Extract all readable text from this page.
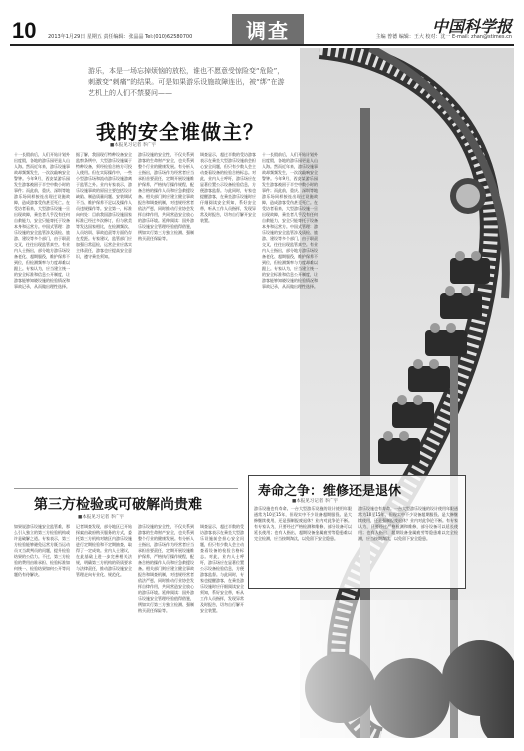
10 2013年1月29日 星期五 责任编辑：张晶晶 Tel:(010)62580700	调查	中国科学报
主编 曾德 编辑：王大 校对：沈一 E-mail: zhan@stimes.cn
游乐，本是一场忘掉烦恼的放松，谁也不愿意受惊险变“危险”，刺激变“刺痛”的结果。可是如果游乐设施故障连出，被“绑”在游艺机上的人们不禁要问——
我的安全谁做主？
■本报见习记者 李广宇
十一长假前后，人们开始计划外出度假，各地的游乐园更是人山人海。然而近年来，游乐设施事故却频频发生，一次次敲响安全警钟。今年9月，西安某游乐园发生游客被困于半空中数小时的事件；而此前，重庆、深圳等地游乐场同样接连出现过设施故障，造成游客受伤甚至死亡。在受访者看来，大型游乐设施一旦出现故障，乘坐者几乎没有任何自救能力，安全只能寄托于设备本身和运营方。中国式管理：游乐设施的安全监管涉及质检、旅游、建设等多个部门，由于职责交叉，往往出现监管真空。有业内人士指出，部分地方游乐场设备老化、超期服役，维护保养不到位，但检测频率与力度却难以跟上。专家认为，应当建立统一的安全标准和信息公开制度，让游客能够知晓设施的检验情况和事故记录，从而做出理性选择。
据了解，我国现行特种设备安全监察条例中，大型游乐设施属于特种设备，须经检验合格方可投入使用。但在实际操作中，一些小型游乐场和流动游乐设施游离于监管之外。业内专家表示，游乐设施事故的原因主要包括设计缺陷、制造质量问题、安装调试不当、维护保养不足以及操作人员违规操作等。安全第一，标准向何处：目前我国游乐设施国家标准已经过多次修订，但与欧美等发达国家相比，在检测频次、人员培训、事故追责等方面仍存在差距。专家建议，监管部门应加强日常巡检，运营企业应落实主体责任，游客也应提高安全意识，遵守乘坐须知。
游乐设施的安全性，不仅关系到游客的生命财产安全，也关系到整个行业的健康发展。有分析人士指出，游乐场作为经营者应当承担首要责任，定期开展设施维护保养，严格执行操作规程，配备合格的操作人员和应急救援设备。相关部门则应建立健全事故报告和调查机制，对违规经营者依法严惩，同时推动行业协会发挥自律作用，共同营造安全放心的游乐环境。延伸阅读：国外游乐设施安全管理经验值得借鉴，例如实行第三方独立检测、强制购买责任保险等。
调查显示，超过半数的受访游客表示在乘坐大型游乐设施前会担心安全问题，但只有少数人会主动查看设备的检验合格标志。对此，业内人士呼吁，游乐场应在显著位置公示设备检验信息，方便游客监督。与此同时，专家也提醒游客，在乘坐游乐设施时应仔细阅读安全须知，系好安全带，听从工作人员指挥，发现异常及时报告，切勿自行解开安全装置。
十一长假前后，人们开始计划外出度假，各地的游乐园更是人山人海。然而近年来，游乐设施事故却频频发生，一次次敲响安全警钟。今年9月，西安某游乐园发生游客被困于半空中数小时的事件；而此前，重庆、深圳等地游乐场同样接连出现过设施故障，造成游客受伤甚至死亡。在受访者看来，大型游乐设施一旦出现故障，乘坐者几乎没有任何自救能力，安全只能寄托于设备本身和运营方。中国式管理：游乐设施的安全监管涉及质检、旅游、建设等多个部门，由于职责交叉，往往出现监管真空。有业内人士指出，部分地方游乐场设备老化、超期服役，维护保养不到位，但检测频率与力度却难以跟上。专家认为，应当建立统一的安全标准和信息公开制度，让游客能够知晓设施的检验情况和事故记录，从而做出理性选择。
寿命之争：维修还是退休
■本报见习记者 李广宇
游乐设施也有寿命。一台大型游乐设施的设计使用年限通常为10至15年，但现实中不少设备超期服役。是大修继续使用，还是强制报废退休？业内对此争论不断。有专家认为，只要经过严格检测和维修，部分设备可以延长使用；也有人指出，超期设备金属疲劳等隐患难以完全检测，应当按期淘汰，以免留下安全隐患。
游乐设施也有寿命。一台大型游乐设施的设计使用年限通常为10至15年，但现实中不少设备超期服役。是大修继续使用，还是强制报废退休？业内对此争论不断。有专家认为，只要经过严格检测和维修，部分设备可以延长使用；也有人指出，超期设备金属疲劳等隐患难以完全检测，应当按期淘汰，以免留下安全隐患。
第三方检验或可破解尚贵难
■本报见习记者 李广宇
如果说游乐设施安全监管难，那么引入独立的第三方检验机构或许是破解之道。专家表示，第三方检验能够避免运营方既当运动员又当裁判员的问题，提升检验结果的公信力。不过，第三方检验的费用由谁承担、检验标准如何统一、检验结果如何公开等问题仍有待解决。
记者调查发现，部分地区已开始探索由政府购买服务的方式，委托第三方机构对辖区内游乐设施进行定期检验和不定期抽查，取得了一定成效。业内人士建议，在此基础上进一步完善相关法规，明确第三方机构的资质要求与法律责任，推动游乐设施安全管理走向专业化、规范化。
游乐设施的安全性，不仅关系到游客的生命财产安全，也关系到整个行业的健康发展。有分析人士指出，游乐场作为经营者应当承担首要责任，定期开展设施维护保养，严格执行操作规程，配备合格的操作人员和应急救援设备。相关部门则应建立健全事故报告和调查机制，对违规经营者依法严惩，同时推动行业协会发挥自律作用，共同营造安全放心的游乐环境。延伸阅读：国外游乐设施安全管理经验值得借鉴，例如实行第三方独立检测、强制购买责任保险等。
调查显示，超过半数的受访游客表示在乘坐大型游乐设施前会担心安全问题，但只有少数人会主动查看设备的检验合格标志。对此，业内人士呼吁，游乐场应在显著位置公示设备检验信息，方便游客监督。与此同时，专家也提醒游客，在乘坐游乐设施时应仔细阅读安全须知，系好安全带，听从工作人员指挥，发现异常及时报告，切勿自行解开安全装置。
